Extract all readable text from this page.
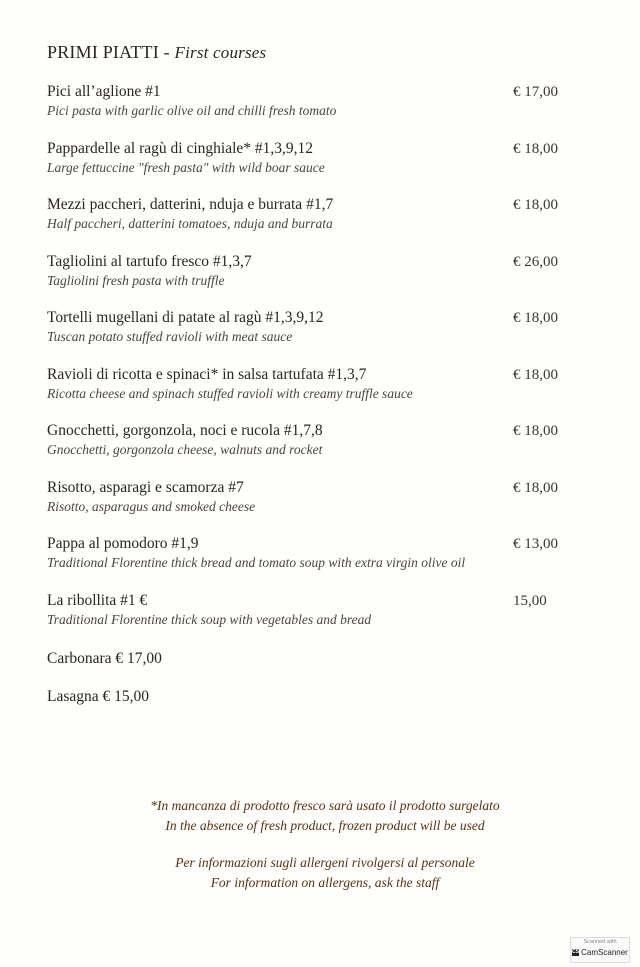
PRIMI PIATTI - First courses
Pici all’aglione #1
Pici pasta with garlic olive oil and chilli fresh tomato
€ 17,00
Pappardelle al ragù di cinghiale* #1,3,9,12
Large fettuccine "fresh pasta" with wild boar sauce
€ 18,00
Mezzi paccheri, datterini, nduja e burrata #1,7
Half paccheri, datterini tomatoes, nduja and burrata
€ 18,00
Tagliolini al tartufo fresco #1,3,7
Tagliolini fresh pasta with truffle
€ 26,00
Tortelli mugellani di patate al ragù #1,3,9,12
Tuscan potato stuffed ravioli with meat sauce
€ 18,00
Ravioli di ricotta e spinaci* in salsa tartufata #1,3,7
Ricotta cheese and spinach stuffed ravioli with creamy truffle sauce
€ 18,00
Gnocchetti, gorgonzola, noci e rucola #1,7,8
Gnocchetti, gorgonzola cheese, walnuts and rocket
€ 18,00
Risotto, asparagi e scamorza #7
Risotto, asparagus and smoked cheese
€ 18,00
Pappa al pomodoro #1,9
Traditional Florentine thick bread and tomato soup with extra virgin olive oil
€ 13,00
La ribollita #1 €
Traditional Florentine thick soup with vegetables and bread
15,00
Carbonara € 17,00
Lasagna € 15,00
*In mancanza di prodotto fresco sarà usato il prodotto surgelato
In the absence of fresh product, frozen product will be used
Per informazioni sugli allergeni rivolgersi al personale
For information on allergens, ask the staff
Scanned with
CS CamScanner
